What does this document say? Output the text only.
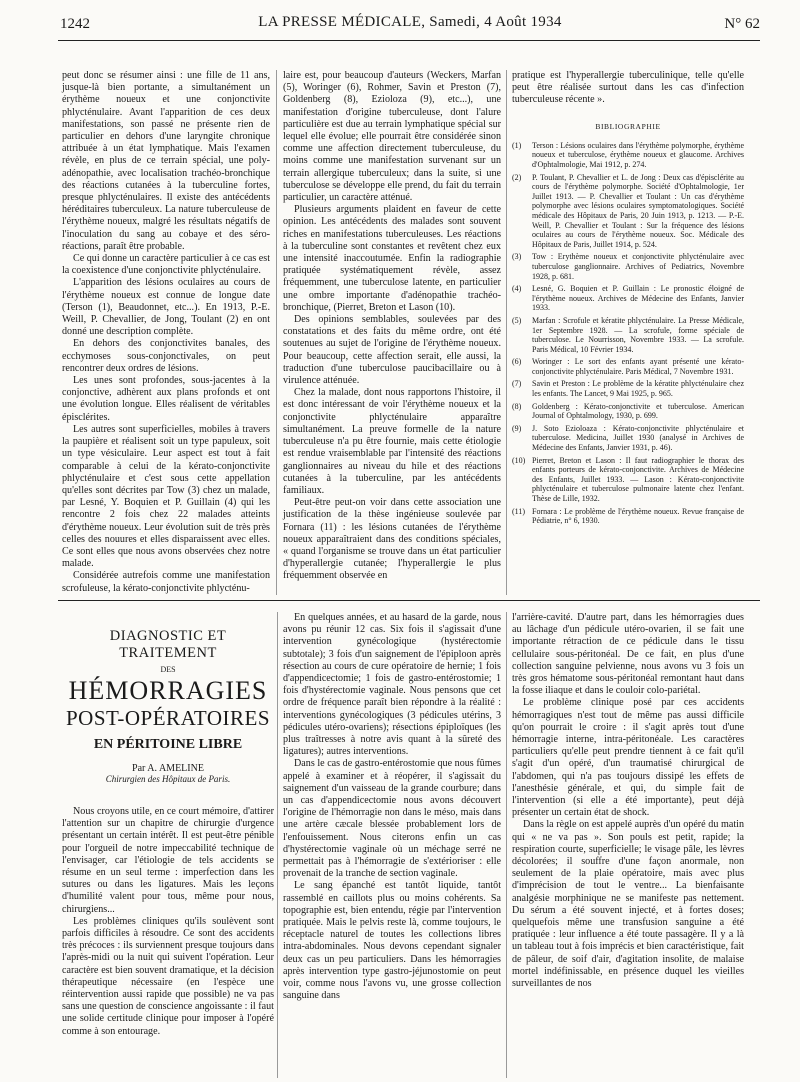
1242	LA PRESSE MÉDICALE, Samedi, 4 Août 1934	N° 62

peut donc se résumer ainsi : une fille de 11 ans, jusque-là bien portante, a simultanément un érythème noueux et une conjonctivite phlycténulaire. Avant l'apparition de ces deux manifestations, son passé ne présente rien de particulier en dehors d'une laryngite chronique attribuée à un état lymphatique. Mais l'examen révèle, en plus de ce terrain spécial, une poly-adénopathie, avec localisation trachéo-bronchique des réactions cutanées à la tuberculine fortes, presque phlycténulaires. Il existe des antécédents héréditaires tuberculeux. La nature tuberculeuse de l'érythème noueux, malgré les résultats négatifs de l'inoculation du sang au cobaye et des séro-réactions, paraît être probable.

Ce qui donne un caractère particulier à ce cas est la coexistence d'une conjonctivite phlycténulaire.

L'apparition des lésions oculaires au cours de l'érythème noueux est connue de longue date (Terson (1), Beaudonnet, etc...). En 1913, P.-E. Weill, P. Chevallier, de Jong, Toulant (2) en ont donné une description complète.

En dehors des conjonctivites banales, des ecchymoses sous-conjonctivales, on peut rencontrer deux ordres de lésions.

Les unes sont profondes, sous-jacentes à la conjonctive, adhèrent aux plans profonds et ont une évolution longue. Elles réalisent de véritables épisclérites.

Les autres sont superficielles, mobiles à travers la paupière et réalisent soit un type papuleux, soit un type vésiculaire. Leur aspect est tout à fait comparable à celui de la kérato-conjonctivite phlycténulaire et c'est sous cette appellation qu'elles sont décrites par Tow (3) chez un malade, par Lesné, Y. Boquien et P. Guillain (4) qui les rencontre 2 fois chez 22 malades atteints d'érythème noueux. Leur évolution suit de très près celles des nouures et elles disparaissent avec elles. Ce sont elles que nous avons observées chez notre malade.

Considérée autrefois comme une manifestation scrofuleuse, la kérato-conjonctivite phlycténu-

laire est, pour beaucoup d'auteurs (Weckers, Marfan (5), Woringer (6), Rohmer, Savin et Preston (7), Goldenberg (8), Ezioloza (9), etc...), une manifestation d'origine tuberculeuse, dont l'alure particulière est due au terrain lymphatique spécial sur lequel elle évolue; elle pourrait être considérée sinon comme une affection directement tuberculeuse, du moins comme une manifestation survenant sur un terrain allergique tuberculeux; dans la suite, si une tuberculose se développe elle prend, du fait du terrain particulier, un caractère atténué.

Plusieurs arguments plaident en faveur de cette opinion. Les antécédents des malades sont souvent riches en manifestations tuberculeuses. Les réactions à la tuberculine sont constantes et revêtent chez eux une intensité inaccoutumée. Enfin la radiographie pratiquée systématiquement révèle, assez fréquemment, une tuberculose latente, en particulier une ombre importante d'adénopathie trachéo-bronchique, (Pierret, Breton et Lason (10).

Des opinions semblables, soulevées par des constatations et des faits du même ordre, ont été soutenues au sujet de l'origine de l'érythème noueux. Pour beaucoup, cette affection serait, elle aussi, la traduction d'une tuberculose paucibacillaire ou à virulence atténuée.

Chez la malade, dont nous rapportons l'histoire, il est donc intéressant de voir l'érythème noueux et la conjonctivite phlycténulaire apparaître simultanément. La preuve formelle de la nature tuberculeuse n'a pu être fournie, mais cette étiologie est rendue vraisemblable par l'intensité des réactions ganglionnaires au niveau du hile et des réactions cutanées à la tuberculine, par les antécédents familiaux.

Peut-être peut-on voir dans cette association une justification de la thèse ingénieuse soulevée par Fornara (11) : les lésions cutanées de l'érythème noueux apparaîtraient dans des conditions spéciales, « quand l'organisme se trouve dans un état particulier d'hyperallergie cutanée; l'hyperallergie le plus fréquemment observée en

pratique est l'hyperallergie tuberculinique, telle qu'elle peut être réalisée surtout dans les cas d'infection tuberculeuse récente ».

BIBLIOGRAPHIE
(1)	Terson : Lésions oculaires dans l'érythème polymorphe, érythème noueux et tuberculose, érythème noueux et glaucome. Archives d'Ophtalmologie, Mai 1912, p. 274.
(2)	P. Toulant, P. Chevallier et L. de Jong : Deux cas d'épisclérite au cours de l'érythème polymorphe. Société d'Ophtalmologie, 1er Juillet 1913. — P. Chevallier et Toulant : Un cas d'érythème polymorphe avec lésions oculaires symptomatologiques. Société médicale des Hôpitaux de Paris, 20 Juin 1913, p. 1213. — P.-E. Weill, P. Chevallier et Toulant : Sur la fréquence des lésions oculaires au cours de l'érythème noueux. Soc. Médicale des Hôpitaux de Paris, Juillet 1914, p. 524.
(3)	Tow : Erythème noueux et conjonctivite phlycténulaire avec tuberculose ganglionnaire. Archives of Pediatrics, Novembre 1928, p. 681.
(4)	Lesné, G. Boquien et P. Guillain : Le pronostic éloigné de l'érythème noueux. Archives de Médecine des Enfants, Janvier 1933.
(5)	Marfan : Scrofule et kératite phlycténulaire. La Presse Médicale, 1er Septembre 1928. — La scrofule, forme spéciale de tuberculose. Le Nourrisson, Novembre 1933. — La scrofule. Paris Médical, 10 Février 1934.
(6)	Woringer : Le sort des enfants ayant présenté une kérato-conjonctivite phlycténulaire. Paris Médical, 7 Novembre 1931.
(7)	Savin et Preston : Le problème de la kératite phlycténulaire chez les enfants. The Lancet, 9 Mai 1925, p. 965.
(8)	Goldenberg : Kérato-conjonctivite et tuberculose. American Journal of Ophtalmology, 1930, p. 699.
(9)	J. Soto Ezioloaza : Kérato-conjonctivite phlycténulaire et tuberculose. Medicina, Juillet 1930 (analysé in Archives de Médecine des Enfants, Janvier 1931, p. 46).
(10) Pierret, Breton et Lason : Il faut radiographier le thorax des enfants porteurs de kérato-conjonctivite. Archives de Médecine des Enfants, Juillet 1933. — Lason : Kérato-conjonctivite phlycténulaire et tuberculose pulmonaire latente chez l'enfant. Thèse de Lille, 1932.
(11) Fornara : Le problème de l'érythème noueux. Revue française de Pédiatrie, n° 6, 1930.
DIAGNOSTIC ET TRAITEMENT
DES
HÉMORRAGIES
POST-OPÉRATOIRES
EN PÉRITOINE LIBRE
Par A. AMELINE
Chirurgien des Hôpitaux de Paris.

Nous croyons utile, en ce court mémoire, d'attirer l'attention sur un chapitre de chirurgie d'urgence présentant un certain intérêt. Il est peut-être pénible pour l'orgueil de notre impeccabilité technique de l'envisager, car l'étiologie de tels accidents se résume en un seul terme : imperfection dans les sutures ou dans les ligatures. Mais les leçons d'humilité valent pour tous, même pour nous, chirurgiens...

Les problèmes cliniques qu'ils soulèvent sont parfois difficiles à résoudre. Ce sont des accidents très précoces : ils surviennent presque toujours dans l'après-midi ou la nuit qui suivent l'opération. Leur caractère est bien souvent dramatique, et la décision thérapeutique nécessaire (en l'espèce une réintervention aussi rapide que possible) ne va pas sans une question de conscience angoissante : il faut une solide certitude clinique pour imposer à l'opéré comme à son entourage.

En quelques années, et au hasard de la garde, nous avons pu réunir 12 cas. Six fois il s'agissait d'une intervention gynécologique (hystérectomie subtotale); 3 fois d'un saignement de l'épiploon après résection au cours de cure opératoire de hernie; 1 fois d'appendicectomie; 1 fois de gastro-entérostomie; 1 fois d'hystérectomie vaginale. Nous pensons que cet ordre de fréquence paraît bien répondre à la réalité : interventions gynécologiques (3 pédicules utérins, 3 pédicules utéro-ovariens); résections épiploïques (les plus traîtresses à notre avis quant à la sûreté des ligatures); autres interventions.

Dans le cas de gastro-entérostomie que nous fûmes appelé à examiner et à réopérer, il s'agissait du saignement d'un vaisseau de la grande courbure; dans un cas d'appendicectomie nous avons découvert l'origine de l'hémorragie non dans le méso, mais dans une artère cæcale blessée probablement lors de l'enfouissement. Nous citerons enfin un cas d'hystérectomie vaginale où un méchage serré ne permettait pas à l'hémorragie de s'extérioriser : elle provenait de la tranche de section vaginale.

Le sang épanché est tantôt liquide, tantôt rassemblé en caillots plus ou moins cohérents. Sa topographie est, bien entendu, régie par l'intervention pratiquée. Mais le pelvis reste là, comme toujours, le réceptacle naturel de toutes les collections libres intra-abdominales. Nous devons cependant signaler deux cas un peu particuliers. Dans les hémorragies après intervention type gastro-jéjunostomie on peut voir, comme nous l'avons vu, une grosse collection sanguine dans

l'arrière-cavité. D'autre part, dans les hémorragies dues au lâchage d'un pédicule utéro-ovarien, il se fait une importante rétraction de ce pédicule dans le tissu cellulaire sous-péritonéal. De ce fait, en plus d'une collection sanguine pelvienne, nous avons vu 3 fois un très gros hématome sous-péritonéal remontant haut dans la fosse iliaque et dans le couloir colo-pariétal.

Le problème clinique posé par ces accidents hémorragiques n'est tout de même pas aussi difficile qu'on pourrait le croire : il s'agit après tout d'une hémorragie interne, intra-péritonéale. Les caractères particuliers qu'elle peut prendre tiennent à ce fait qu'il s'agit d'un opéré, d'un traumatisé chirurgical de l'abdomen, qui n'a pas toujours dissipé les effets de l'anesthésie générale, et qui, du simple fait de l'intervention (si elle a été importante), peut déjà présenter un certain état de shock.

Dans la règle on est appelé auprès d'un opéré du matin qui « ne va pas ». Son pouls est petit, rapide; la respiration courte, superficielle; le visage pâle, les lèvres décolorées; il souffre d'une façon anormale, non seulement de la plaie opératoire, mais avec plus d'imprécision de tout le ventre... La bienfaisante analgésie morphinique ne se manifeste pas nettement. Du sérum a été souvent injecté, et à fortes doses; quelquefois même une transfusion sanguine a été pratiquée : leur influence a été toute passagère. Il y a là un tableau tout à fois imprécis et bien caractéristique, fait de pâleur, de soif d'air, d'agitation insolite, de malaise mortel indéfinissable, en présence duquel les vieilles surveillantes de nos
